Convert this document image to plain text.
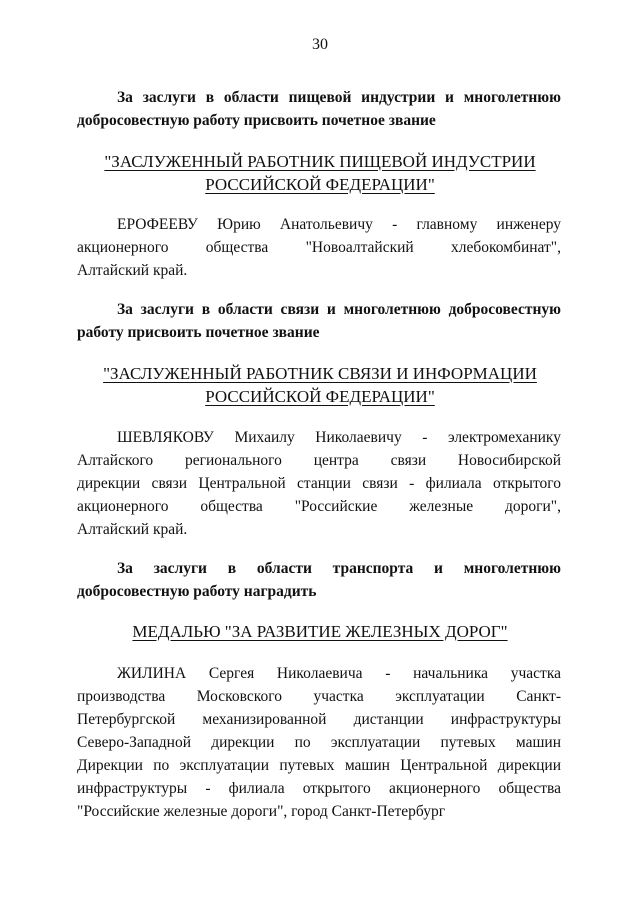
30
За заслуги в области пищевой индустрии и многолетнюю
добросовестную работу присвоить почетное звание
"ЗАСЛУЖЕННЫЙ РАБОТНИК ПИЩЕВОЙ ИНДУСТРИИ
РОССИЙСКОЙ ФЕДЕРАЦИИ"
ЕРОФЕЕВУ Юрию Анатольевичу - главному инженеру
акционерного общества "Новоалтайский хлебокомбинат",
Алтайский край.
За заслуги в области связи и многолетнюю добросовестную
работу присвоить почетное звание
"ЗАСЛУЖЕННЫЙ РАБОТНИК СВЯЗИ И ИНФОРМАЦИИ
РОССИЙСКОЙ ФЕДЕРАЦИИ"
ШЕВЛЯКОВУ Михаилу Николаевичу - электромеханику
Алтайского регионального центра связи Новосибирской
дирекции связи Центральной станции связи - филиала открытого
акционерного общества "Российские железные дороги",
Алтайский край.
За заслуги в области транспорта и многолетнюю
добросовестную работу наградить
МЕДАЛЬЮ "ЗА РАЗВИТИЕ ЖЕЛЕЗНЫХ ДОРОГ"
ЖИЛИНА Сергея Николаевича - начальника участка
производства Московского участка эксплуатации Санкт-
Петербургской механизированной дистанции инфраструктуры
Северо-Западной дирекции по эксплуатации путевых машин
Дирекции по эксплуатации путевых машин Центральной дирекции
инфраструктуры - филиала открытого акционерного общества
"Российские железные дороги", город Санкт-Петербург
